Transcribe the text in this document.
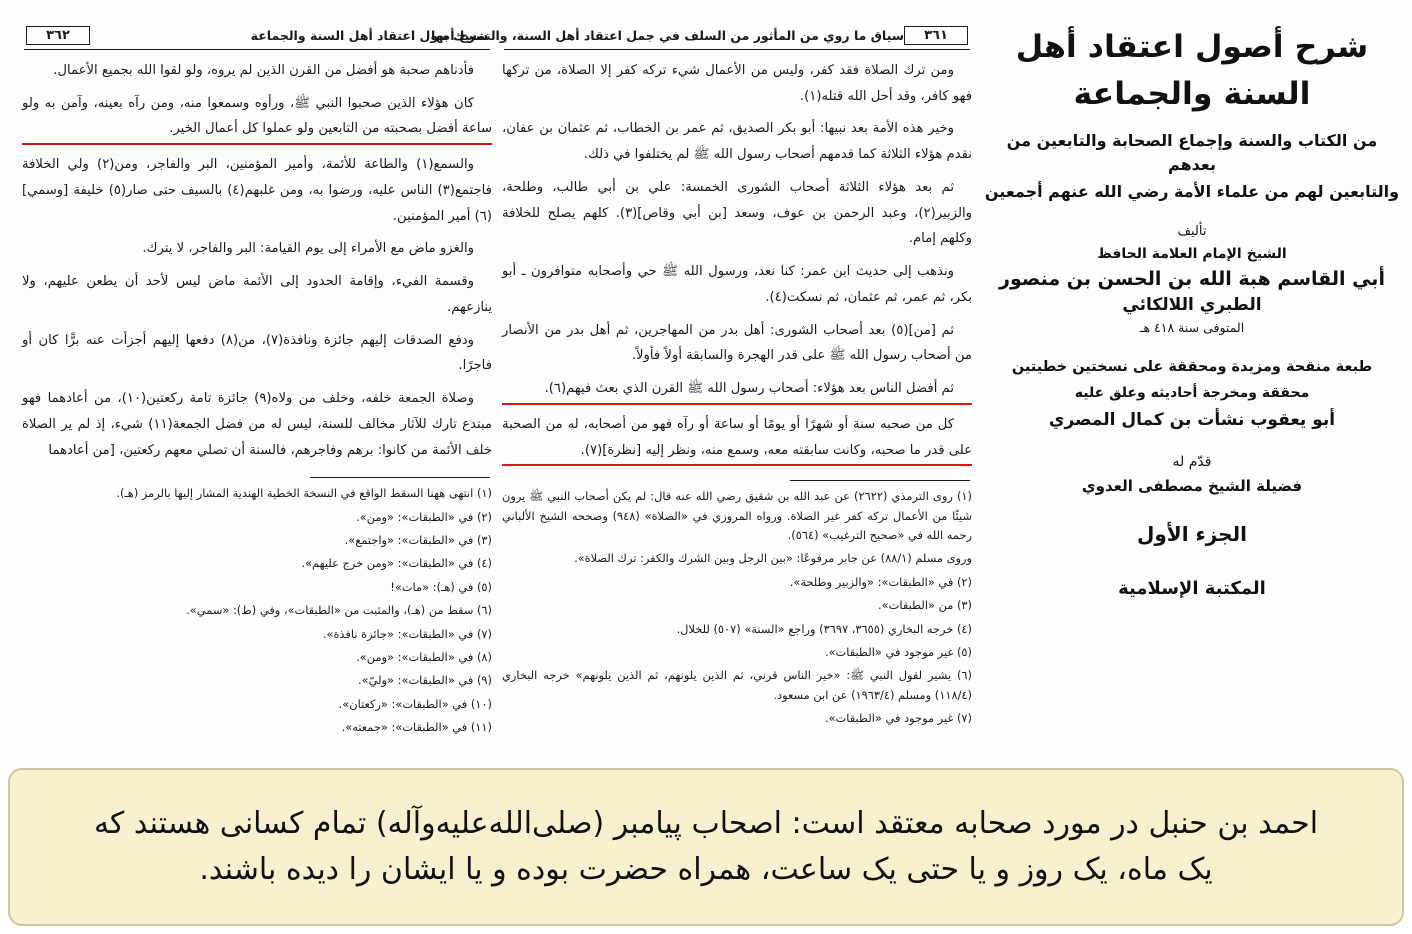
شرح أصول اعتقاد أهل السنة والجماعة
٣٦٢

فأدناهم صحبة هو أفضل من القرن الذين لم يروه، ولو لقوا الله بجميع الأعمال.

كان هؤلاء الذين صحبوا النبي ﷺ، ورأوه وسمعوا منه، ومن رآه بعينه، وآمن به ولو ساعة أفضل بصحبته من التابعين ولو عملوا كل أعمال الخير.

والسمع(١) والطاعة للأئمة، وأمير المؤمنين، البر والفاجر، ومن(٢) ولي الخلافة فاجتمع(٣) الناس عليه، ورضوا به، ومن غلبهم(٤) بالسيف حتى صار(٥) خليفة [وسمي](٦) أمير المؤمنين.

والغزو ماض مع الأمراء إلى يوم القيامة: البر والفاجر، لا يترك.

وقسمة الفيء، وإقامة الحدود إلى الأئمة ماض ليس لأحد أن يطعن عليهم، ولا ينازعهم.

ودفع الصدقات إليهم جائزة ونافذة(٧)، من(٨) دفعها إليهم أجزأت عنه برًّا كان أو فاجرًا.

وصلاة الجمعة خلفه، وخلف من ولاه(٩) جائزة تامة ركعتين(١٠)، من أعادهما فهو مبتدع تارك للآثار مخالف للسنة، ليس له من فضل الجمعة(١١) شيء، إذ لم ير الصلاة خلف الأئمة من كانوا: برهم وفاجرهم، فالسنة أن تصلي معهم ركعتين، [من أعادهما

(١) انتهى ههنا السقط الواقع في النسخة الخطية الهندية المشار إليها بالرمز (هـ).

(٢) في «الطبقات»: «ومن».

(٣) في «الطبقات»: «واجتمع».

(٤) في «الطبقات»: «ومن خرج عليهم».

(٥) في (هـ): «مات»!

(٦) سقط من (هـ)، والمثبت من «الطبقات»، وفي (ط): «سمي».

(٧) في «الطبقات»: «جائزة نافذة».

(٨) في «الطبقات»: «ومن».

(٩) في «الطبقات»: «وليّ».

(١٠) في «الطبقات»: «ركعتان».

(١١) في «الطبقات»: «جمعته».

٣٦١
سياق ما روي من المأثور من السلف في جمل اعتقاد أهل السنة، والتمسك بها

ومن ترك الصلاة فقد كفر، وليس من الأعمال شيء تركه كفر إلا الصلاة، من تركها فهو كافر، وقد أحل الله قتله(١).

وخير هذه الأمة بعد نبيها: أبو بكر الصديق، ثم عمر بن الخطاب، ثم عثمان بن عفان، نقدم هؤلاء الثلاثة كما قدمهم أصحاب رسول الله ﷺ لم يختلفوا في ذلك.

ثم بعد هؤلاء الثلاثة أصحاب الشورى الخمسة: علي بن أبي طالب، وطلحة، والزبير(٢)، وعبد الرحمن بن عوف، وسعد [بن أبي وقاص](٣). كلهم يصلح للخلافة وكلهم إمام.

ونذهب إلى حديث ابن عمر: كنا نعد، ورسول الله ﷺ حي وأصحابه متوافرون ـ أبو بكر، ثم عمر، ثم عثمان، ثم نسكت(٤).

ثم [من](٥) بعد أصحاب الشورى: أهل بدر من المهاجرين، ثم أهل بدر من الأنصار من أصحاب رسول الله ﷺ على قدر الهجرة والسابقة أولاً فأولاً.

ثم أفضل الناس بعد هؤلاء: أصحاب رسول الله ﷺ القرن الذي بعث فيهم(٦).

كل من صحبه سنة أو شهرًا أو يومًا أو ساعة أو رآه فهو من أصحابه، له من الصحبة على قدر ما صحبه، وكانت سابقته معه، وسمع منه، ونظر إليه [نظرة](٧).

(١) روى الترمذي (٢٦٢٢) عن عبد الله بن شقيق رضي الله عنه قال: لم يكن أصحاب النبي ﷺ يرون شيئًا من الأعمال تركه كفر غير الصلاة. ورواه المروزي في «الصلاة» (٩٤٨) وصححه الشيخ الألباني رحمه الله في «صحيح الترغيب» (٥٦٤).

وروى مسلم (٨٨/١) عن جابر مرفوعًا: «بين الرجل وبين الشرك والكفر: ترك الصلاة».

(٢) في «الطبقات»: «والزبير وطلحة».

(٣) من «الطبقات».

(٤) خرجه البخاري (٣٦٥٥، ٣٦٩٧) وراجع «السنة» (٥٠٧) للخلال.

(٥) غير موجود في «الطبقات».

(٦) يشير لقول النبي ﷺ: «خير الناس قرني، ثم الذين يلونهم، ثم الذين يلونهم» خرجه البخاري (١١٨/٤) ومسلم (١٩٦٣/٤) عن ابن مسعود.

(٧) غير موجود في «الطبقات».

شرح أصول اعتقاد أهل السنة والجماعة
من الكتاب والسنة وإجماع الصحابة والتابعين من بعدهم
والتابعين لهم من علماء الأمة رضي الله عنهم أجمعين
تأليف
الشيخ الإمام العلامة الحافظ
أبي القاسم هبة الله بن الحسن بن منصور
الطبري اللالكائي
المتوفى سنة ٤١٨ هـ
طبعة منقحة ومزيدة ومحققة على نسختين خطيتين
محققة ومخرجة أحاديثه وعلق عليه
أبو يعقوب نشأت بن كمال المصري
قدّم له
فضيلة الشيخ مصطفى العدوي
الجزء الأول
المكتبة الإسلامية

احمد بن حنبل در مورد صحابه معتقد است: اصحاب پیامبر (صلی‌الله‌علیه‌وآله) تمام کسانی هستند که

یک ماه، یک روز و یا حتی یک ساعت، همراه حضرت بوده و یا ایشان را دیده باشند.
